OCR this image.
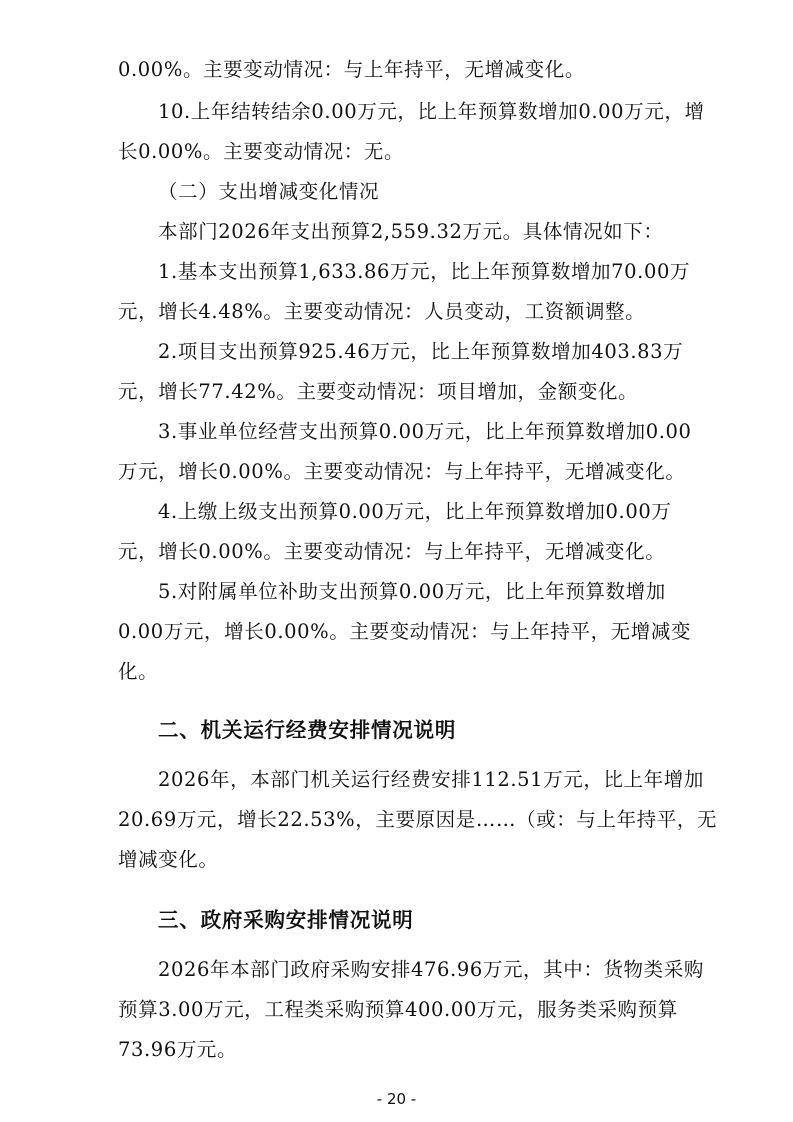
0.00%。主要变动情况：与上年持平，无增减变化。
10.上年结转结余0.00万元，比上年预算数增加0.00万元，增
长0.00%。主要变动情况：无。
（二）支出增减变化情况
本部门2026年支出预算2,559.32万元。具体情况如下：
1.基本支出预算1,633.86万元，比上年预算数增加70.00万
元，增长4.48%。主要变动情况：人员变动，工资额调整。
2.项目支出预算925.46万元，比上年预算数增加403.83万
元，增长77.42%。主要变动情况：项目增加，金额变化。
3.事业单位经营支出预算0.00万元，比上年预算数增加0.00
万元，增长0.00%。主要变动情况：与上年持平，无增减变化。
4.上缴上级支出预算0.00万元，比上年预算数增加0.00万
元，增长0.00%。主要变动情况：与上年持平，无增减变化。
5.对附属单位补助支出预算0.00万元，比上年预算数增加
0.00万元，增长0.00%。主要变动情况：与上年持平，无增减变
化。
二、机关运行经费安排情况说明
2026年，本部门机关运行经费安排112.51万元，比上年增加
20.69万元，增长22.53%，主要原因是……（或：与上年持平，无
增减变化。
三、政府采购安排情况说明
2026年本部门政府采购安排476.96万元，其中：货物类采购
预算3.00万元，工程类采购预算400.00万元，服务类采购预算
73.96万元。
- 20 -
